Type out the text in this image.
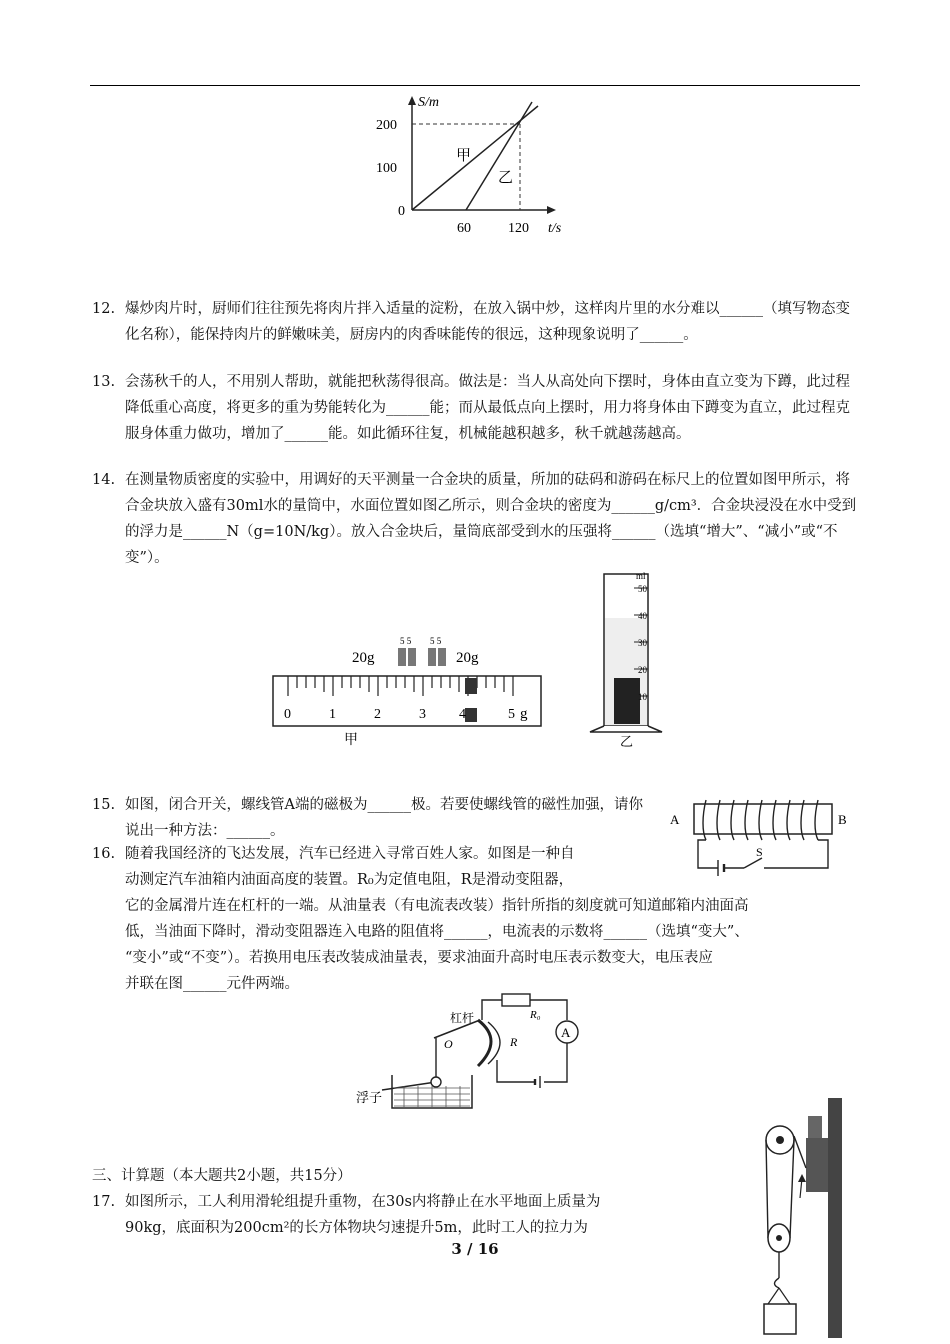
S/m
t/s
200
100
0
60	120
甲
乙
12. 爆炒肉片时，厨师们往往预先将肉片拌入适量的淀粉，在放入锅中炒，这样肉片里的水分难以______（填写物态变化名称），能保持肉片的鲜嫩味美，厨房内的肉香味能传的很远，这种现象说明了______。
13. 会荡秋千的人，不用别人帮助，就能把秋荡得很高。做法是：当人从高处向下摆时，身体由直立变为下蹲，此过程降低重心高度，将更多的重为势能转化为______能；而从最低点向上摆时，用力将身体由下蹲变为直立，此过程克服身体重力做功，增加了______能。如此循环往复，机械能越积越多，秋千就越荡越高。
14. 在测量物质密度的实验中，用调好的天平测量一合金块的质量，所加的砝码和游码在标尺上的位置如图甲所示，将合金块放入盛有30ml水的量筒中，水面位置如图乙所示，则合金块的密度为______g/cm³．合金块浸没在水中受到的浮力是______N（g=10N/kg）。放入合金块后，量筒底部受到水的压强将______（选填“增大”、“减小”或“不变”）。
5 5 5 5
20g	20g
0	1	2	3 4	5 g
甲
ml
50
40
30
20
10
乙
15. 如图，闭合开关，螺线管A端的磁极为______极。若要使螺线管的磁性加强，请你说出一种方法：______。
A	B
S
16. 随着我国经济的飞达发展，汽车已经进入寻常百姓人家。如图是一种自
动测定汽车油箱内油面高度的装置。R₀为定值电阻，R是滑动变阻器，
它的金属滑片连在杠杆的一端。从油量表（有电流表改装）指针所指的刻度就可知道邮箱内油面高
低，当油面下降时，滑动变阻器连入电路的阻值将______，电流表的示数将______（选填“变大”、
“变小”或“不变”）。若换用电压表改装成油量表，要求油面升高时电压表示数变大，电压表应
并联在图______元件两端。
A
R₀
杠杆
O	R
浮子
三、计算题（本大题共2小题，共15分）
17. 如图所示，工人利用滑轮组提升重物，在30s内将静止在水平地面上质量为
90kg，底面积为200cm²的长方体物块匀速提升5m，此时工人的拉力为
3 / 16
